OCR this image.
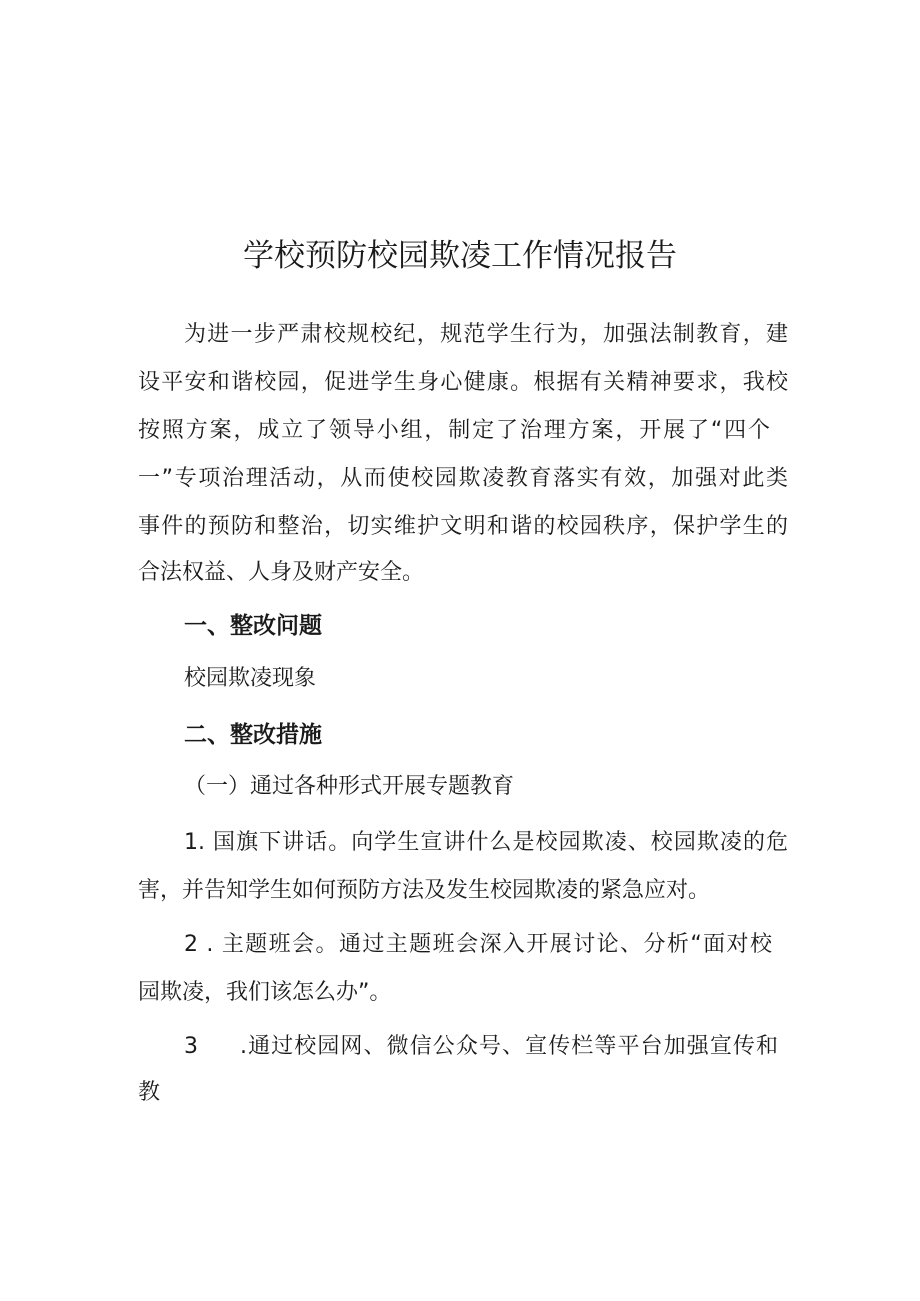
学校预防校园欺凌工作情况报告

为进一步严肃校规校纪，规范学生行为，加强法制教育，建

设平安和谐校园，促进学生身心健康。根据有关精神要求，我校

按照方案，成立了领导小组，制定了治理方案，开展了“四个

一”专项治理活动，从而使校园欺凌教育落实有效，加强对此类

事件的预防和整治，切实维护文明和谐的校园秩序，保护学生的

合法权益、人身及财产安全。

一、整改问题

校园欺凌现象

二、整改措施

（一）通过各种形式开展专题教育

1. 国旗下讲话。向学生宣讲什么是校园欺凌、校园欺凌的危

害，并告知学生如何预防方法及发生校园欺凌的紧急应对。

2 . 主题班会。通过主题班会深入开展讨论、分析“面对校

园欺凌，我们该怎么办”。

3	.通过校园网、微信公众号、宣传栏等平台加强宣传和

教
